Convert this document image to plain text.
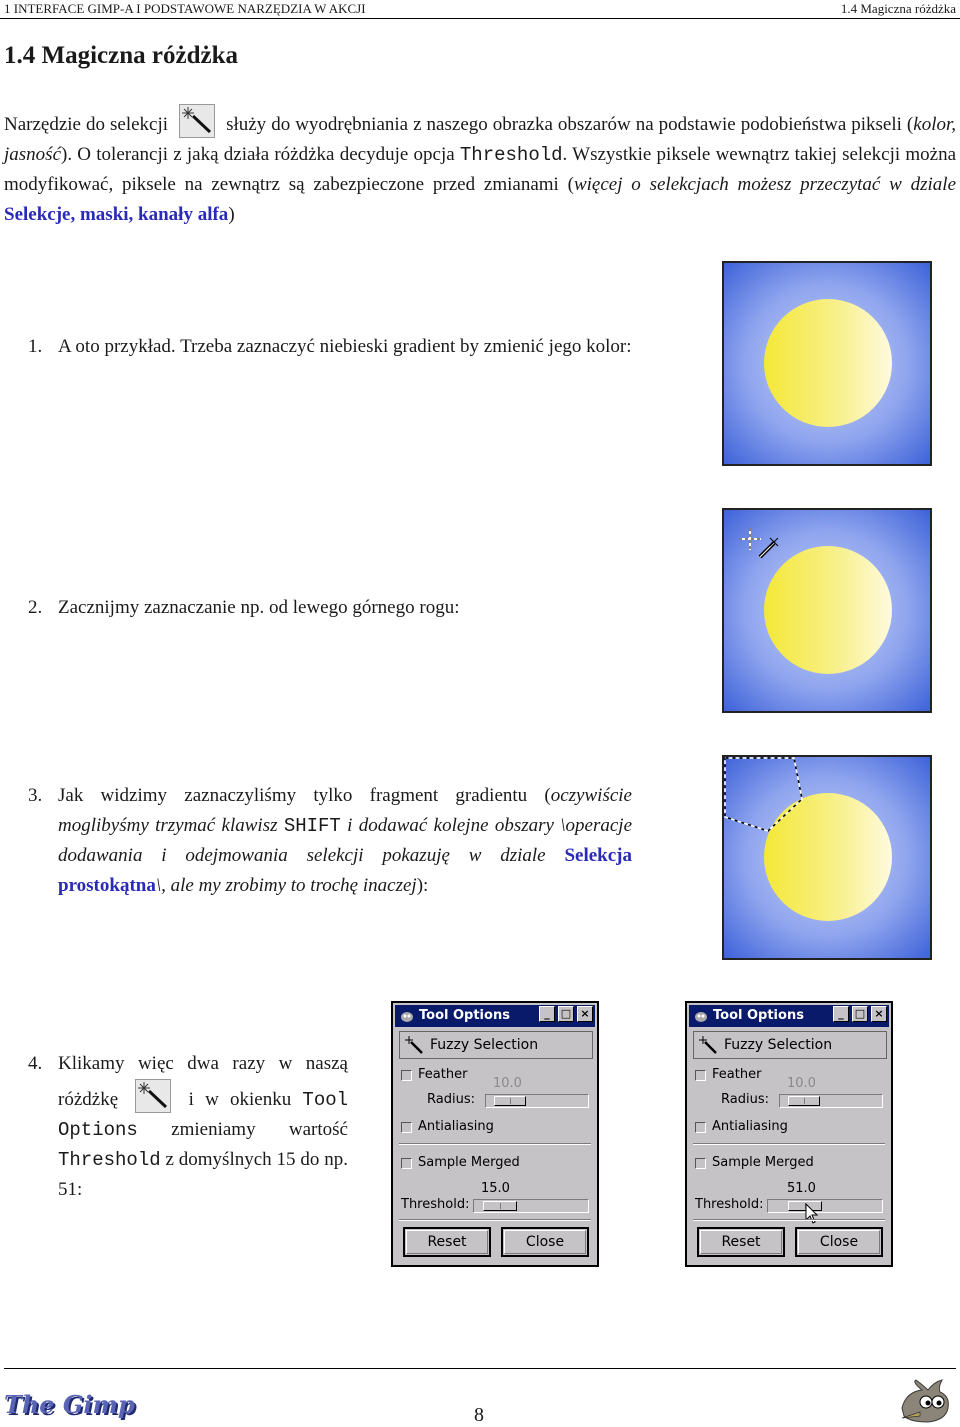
1 INTERFACE GIMP-A I PODSTAWOWE NARZĘDZIA W AKCJI	1.4 Magiczna różdżka
1.4 Magiczna różdżka
Narzędzie do selekcji	służy do wyodrębniania z naszego obrazka obszarów na podstawie podobieństwa pikseli (kolor, jasność). O tolerancji z jaką działa różdżka decyduje opcja Threshold. Wszystkie piksele wewnątrz takiej selekcji można modyfikować, piksele na zewnątrz są zabezpieczone przed zmianami (więcej o selekcjach możesz przeczytać w dziale Selekcje, maski, kanały alfa)
1. A oto przykład. Trzeba zaznaczyć niebieski gradient by zmienić jego kolor:
2. Zacznijmy zaznaczanie np. od lewego górnego rogu:
3. Jak widzimy zaznaczyliśmy tylko fragment gradientu (oczywiście moglibyśmy trzymać klawisz SHIFT i dodawać kolejne obszary \operacje dodawania i odejmowania selekcji pokazuję w dziale Selekcja prostokątna\, ale my zrobimy to trochę inaczej):
4. Klikamy więc dwa razy w naszą różdżkę	i w okienku Tool Options zmieniamy wartość Threshold z domyślnych 15 do np. 51:
Tool Options	_	□ ×
Fuzzy Selection
Feather
10.0
Radius:
Antialiasing
Sample Merged
15.0
Threshold:
Reset	Close
Tool Options	_	□ ×
Fuzzy Selection
Feather
10.0
Radius:
Antialiasing
Sample Merged
51.0
Threshold:
Reset	Close
The Gimp	8
